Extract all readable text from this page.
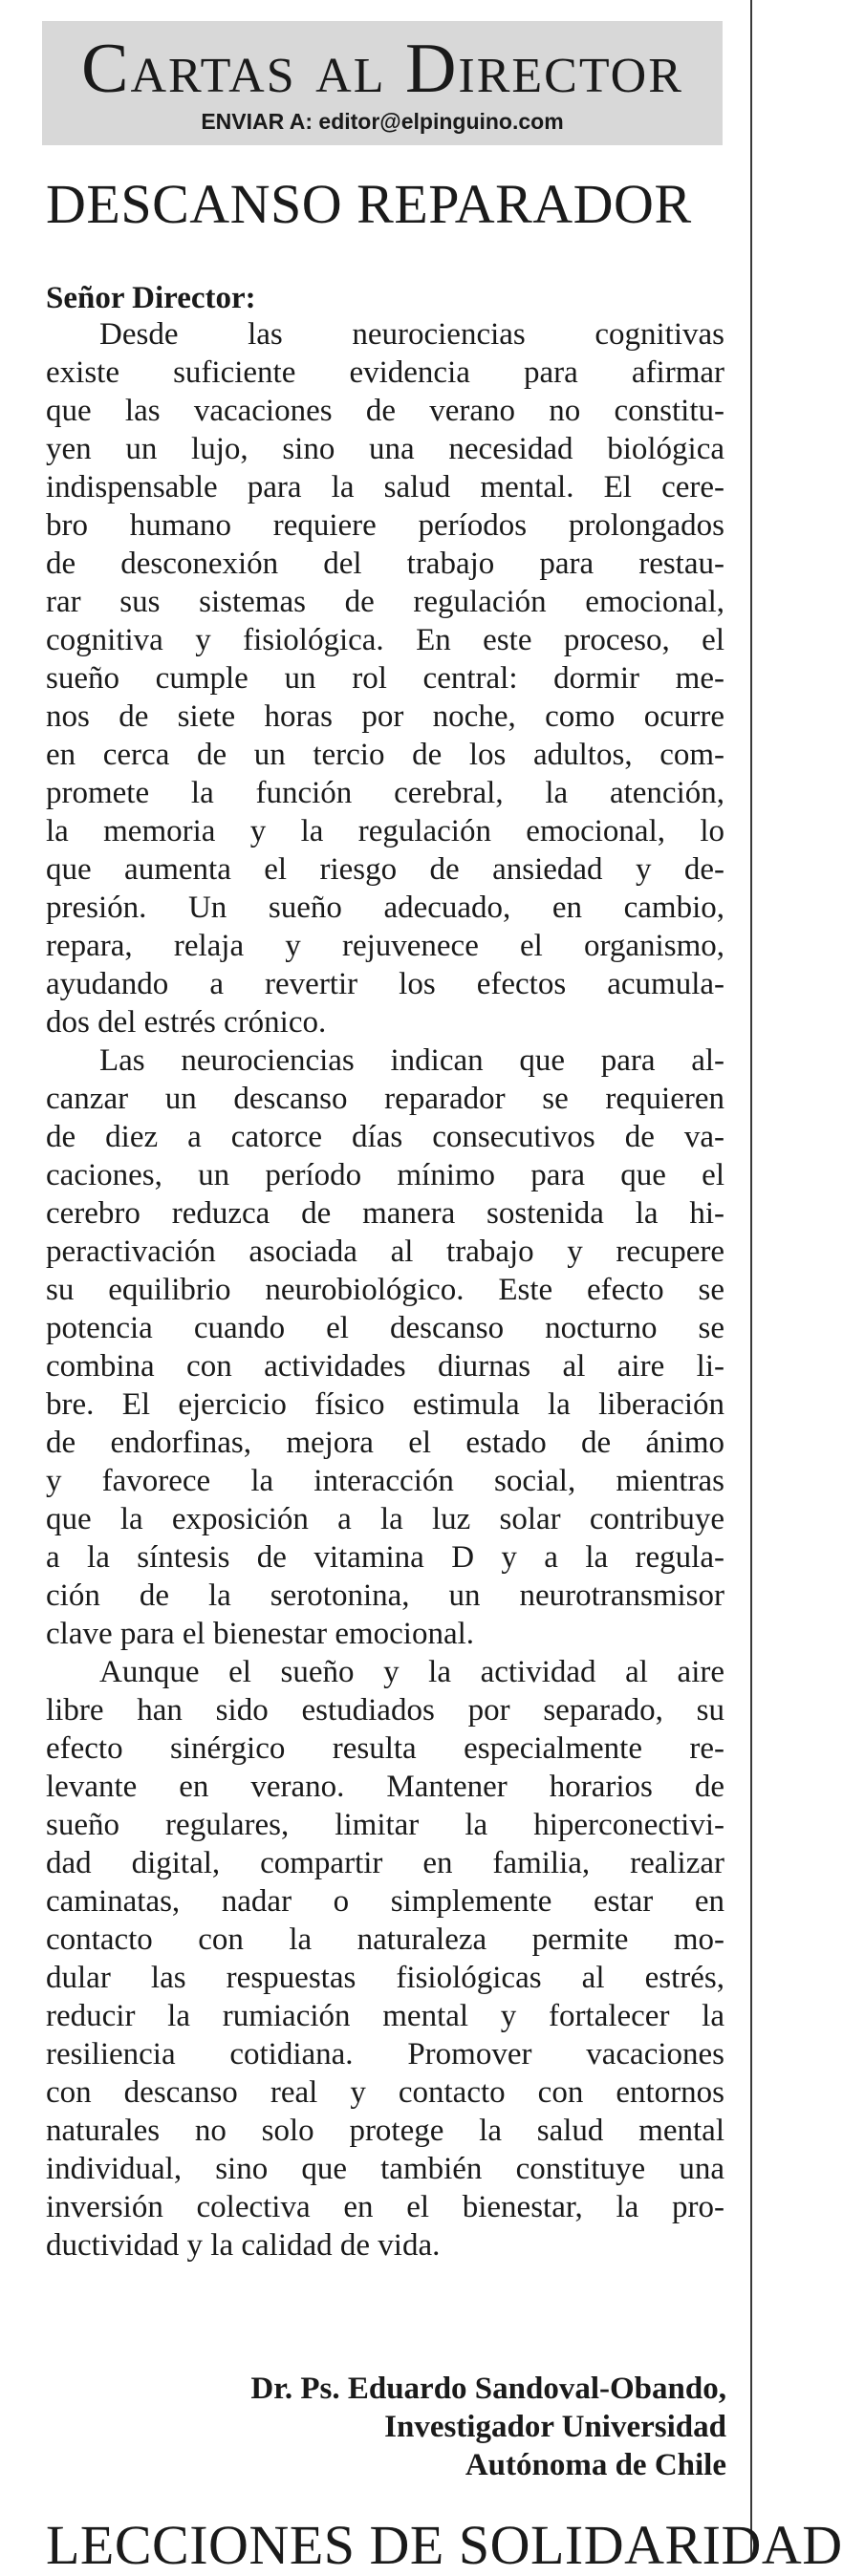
Cartas al Director
ENVIAR A: editor@elpinguino.com
DESCANSO REPARADOR
Señor Director:
Desde las neurociencias cognitivas
existe suficiente evidencia para afirmar
que las vacaciones de verano no constitu-
yen un lujo, sino una necesidad biológica
indispensable para la salud mental. El cere-
bro humano requiere períodos prolongados
de desconexión del trabajo para restau-
rar sus sistemas de regulación emocional,
cognitiva y fisiológica. En este proceso, el
sueño cumple un rol central: dormir me-
nos de siete horas por noche, como ocurre
en cerca de un tercio de los adultos, com-
promete la función cerebral, la atención,
la memoria y la regulación emocional, lo
que aumenta el riesgo de ansiedad y de-
presión. Un sueño adecuado, en cambio,
repara, relaja y rejuvenece el organismo,
ayudando a revertir los efectos acumula-
dos del estrés crónico.
Las neurociencias indican que para al-
canzar un descanso reparador se requieren
de diez a catorce días consecutivos de va-
caciones, un período mínimo para que el
cerebro reduzca de manera sostenida la hi-
peractivación asociada al trabajo y recupere
su equilibrio neurobiológico. Este efecto se
potencia cuando el descanso nocturno se
combina con actividades diurnas al aire li-
bre. El ejercicio físico estimula la liberación
de endorfinas, mejora el estado de ánimo
y favorece la interacción social, mientras
que la exposición a la luz solar contribuye
a la síntesis de vitamina D y a la regula-
ción de la serotonina, un neurotransmisor
clave para el bienestar emocional.
Aunque el sueño y la actividad al aire
libre han sido estudiados por separado, su
efecto sinérgico resulta especialmente re-
levante en verano. Mantener horarios de
sueño regulares, limitar la hiperconectivi-
dad digital, compartir en familia, realizar
caminatas, nadar o simplemente estar en
contacto con la naturaleza permite mo-
dular las respuestas fisiológicas al estrés,
reducir la rumiación mental y fortalecer la
resiliencia cotidiana. Promover vacaciones
con descanso real y contacto con entornos
naturales no solo protege la salud mental
individual, sino que también constituye una
inversión colectiva en el bienestar, la pro-
ductividad y la calidad de vida.
Dr. Ps. Eduardo Sandoval-Obando,
Investigador Universidad
Autónoma de Chile
LECCIONES DE SOLIDARIDAD
